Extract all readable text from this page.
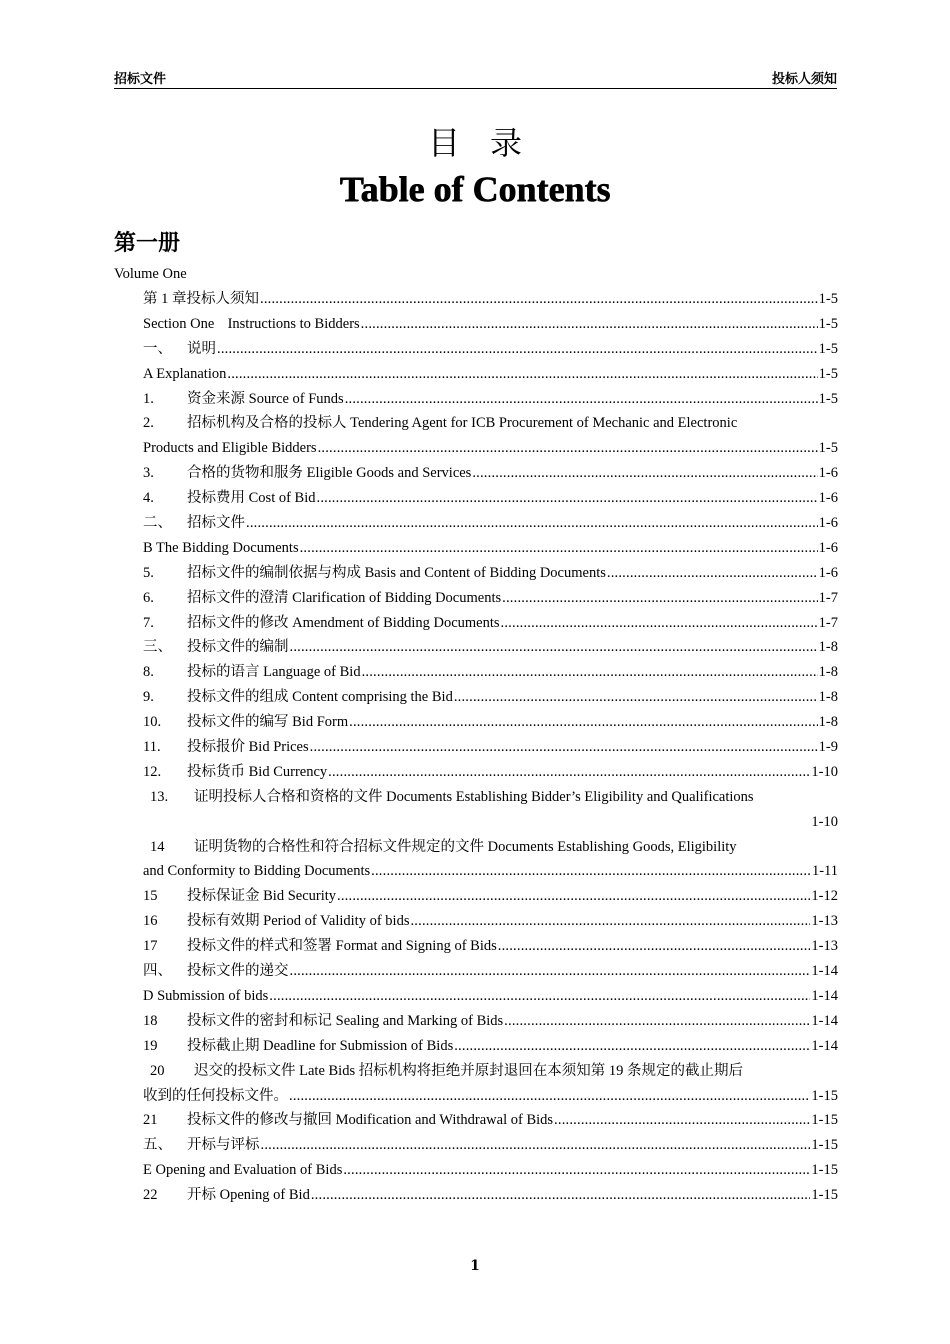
招标文件	投标人须知
目录
Table of Contents
第一册
Volume One
第 1 章投标人须知 .....	1-5
Section One Instructions to Bidders .....	1-5
一、	说明 .....	1-5
A Explanation .....	1-5
1.	资金来源 Source of Funds .....	1-5
2. 招标机构及合格的投标人 Tendering Agent for ICB Procurement of Mechanic and Electronic
Products and Eligible Bidders .....	1-5
3.	合格的货物和服务 Eligible Goods and Services .....	1-6
4.	投标费用 Cost of Bid .....	1-6
二、	招标文件 .....	1-6
B The Bidding Documents .....	1-6
5.	招标文件的编制依据与构成 Basis and Content of Bidding Documents .....	1-6
6.	招标文件的澄清 Clarification of Bidding Documents .....	1-7
7.	招标文件的修改 Amendment of Bidding Documents .....	1-7
三、	投标文件的编制 .....	1-8
8.	投标的语言 Language of Bid .....	1-8
9.	投标文件的组成 Content comprising the Bid .....	1-8
10.	投标文件的编写 Bid Form .....	1-8
11.	投标报价 Bid Prices .....	1-9
12.	投标货币 Bid Currency .....	1-10
13. 证明投标人合格和资格的文件 Documents Establishing Bidder’s Eligibility and Qualifications
1-10
14 证明货物的合格性和符合招标文件规定的文件 Documents Establishing Goods, Eligibility
and Conformity to Bidding Documents .....	1-11
15	投标保证金 Bid Security .....	1-12
16	投标有效期 Period of Validity of bids .....	1-13
17	投标文件的样式和签署 Format and Signing of Bids .....	1-13
四、	投标文件的递交 .....	1-14
D Submission of bids .....	1-14
18	投标文件的密封和标记 Sealing and Marking of Bids .....	1-14
19	投标截止期 Deadline for Submission of Bids .....	1-14
20 迟交的投标文件 Late Bids 招标机构将拒绝并原封退回在本须知第 19 条规定的截止期后
收到的任何投标文件。 .....	1-15
21	投标文件的修改与撤回 Modification and Withdrawal of Bids .....	1-15
五、	开标与评标 .....	1-15
E Opening and Evaluation of Bids .....	1-15
22	开标 Opening of Bid .....	1-15
1
